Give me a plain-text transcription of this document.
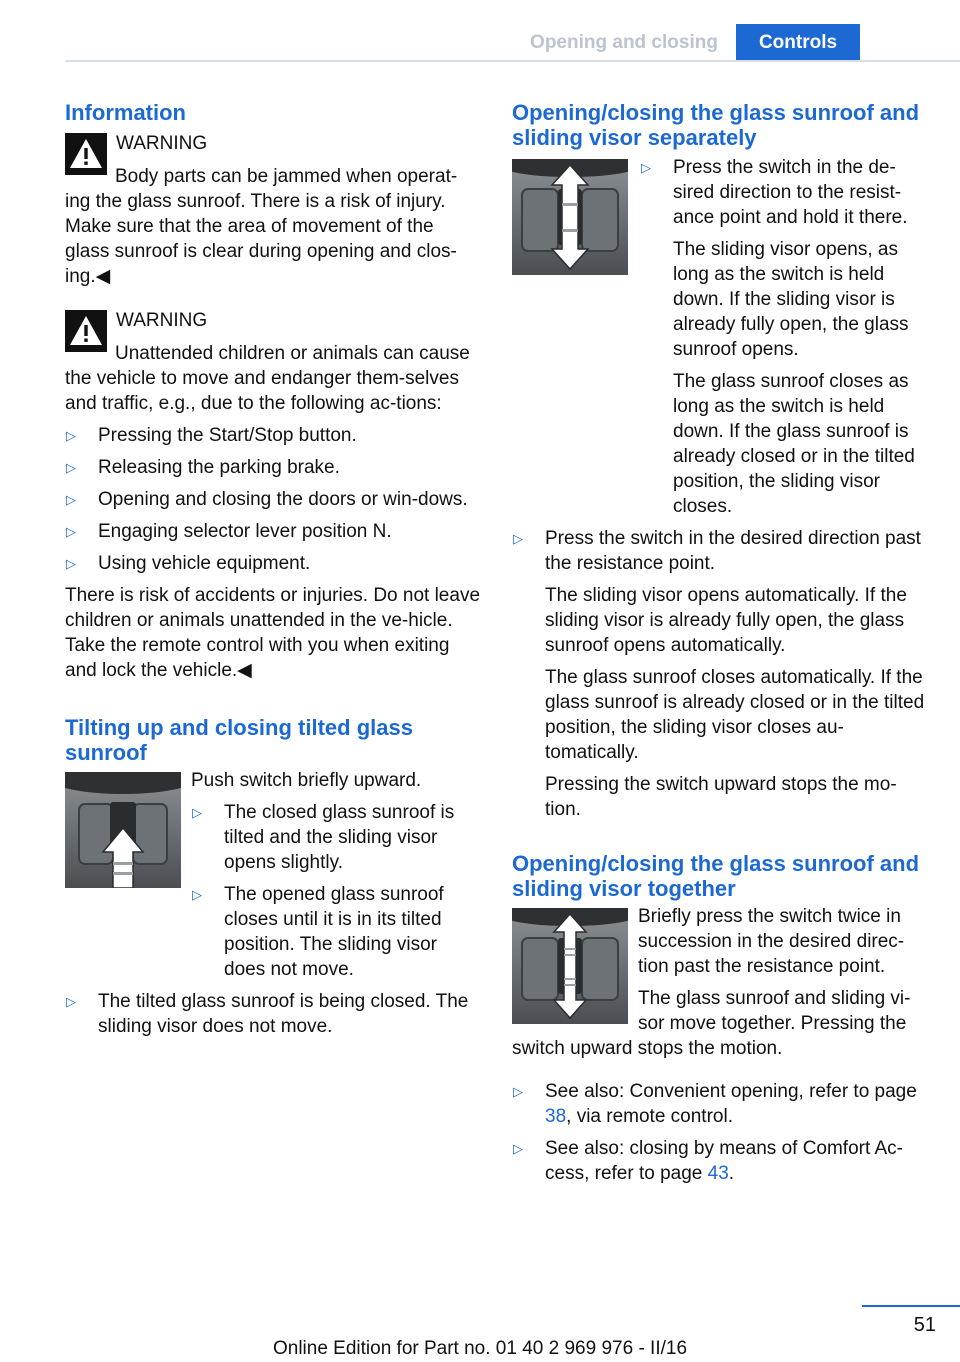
Opening and closing	Controls
Information

WARNING

Body parts can be jammed when operat‐ing the glass sunroof. There is a risk of injury. Make sure that the area of movement of the glass sunroof is clear during opening and clos‐ing.◀

WARNING

Unattended children or animals can cause the vehicle to move and endanger them‐selves and traffic, e.g., due to the following ac‐tions:

▷ Pressing the Start/Stop button.
▷ Releasing the parking brake.
▷ Opening and closing the doors or win‐dows.
▷ Engaging selector lever position N.
▷ Using vehicle equipment.

There is risk of accidents or injuries. Do not leave children or animals unattended in the ve‐hicle. Take the remote control with you when exiting and lock the vehicle.◀

Tilting up and closing tilted glass sunroof

Push switch briefly upward.

▷ The closed glass sunroof is tilted and the sliding visor opens slightly.
▷ The opened glass sunroof closes until it is in its tilted position. The sliding visor does not move.
▷ The tilted glass sunroof is being closed. The sliding visor does not move.
Opening/closing the glass sunroof and sliding visor separately
▷ Press the switch in the de‐sired direction to the resist‐ance point and hold it there.

The sliding visor opens, as long as the switch is held down. If the sliding visor is already fully open, the glass sunroof opens.

The glass sunroof closes as long as the switch is held down. If the glass sunroof is already closed or in the tilted position, the sliding visor closes.

▷ Press the switch in the desired direction past the resistance point.

The sliding visor opens automatically. If the sliding visor is already fully open, the glass sunroof opens automatically.

The glass sunroof closes automatically. If the glass sunroof is already closed or in the tilted position, the sliding visor closes au‐tomatically.

Pressing the switch upward stops the mo‐tion.

Opening/closing the glass sunroof and sliding visor together

Briefly press the switch twice in succession in the desired direc‐tion past the resistance point.

The glass sunroof and sliding vi‐sor move together. Pressing the switch upward stops the motion.

▷ See also: Convenient opening, refer to page 38, via remote control.
▷ See also: closing by means of Comfort Ac‐cess, refer to page 43.
51
Online Edition for Part no. 01 40 2 969 976 - II/16
